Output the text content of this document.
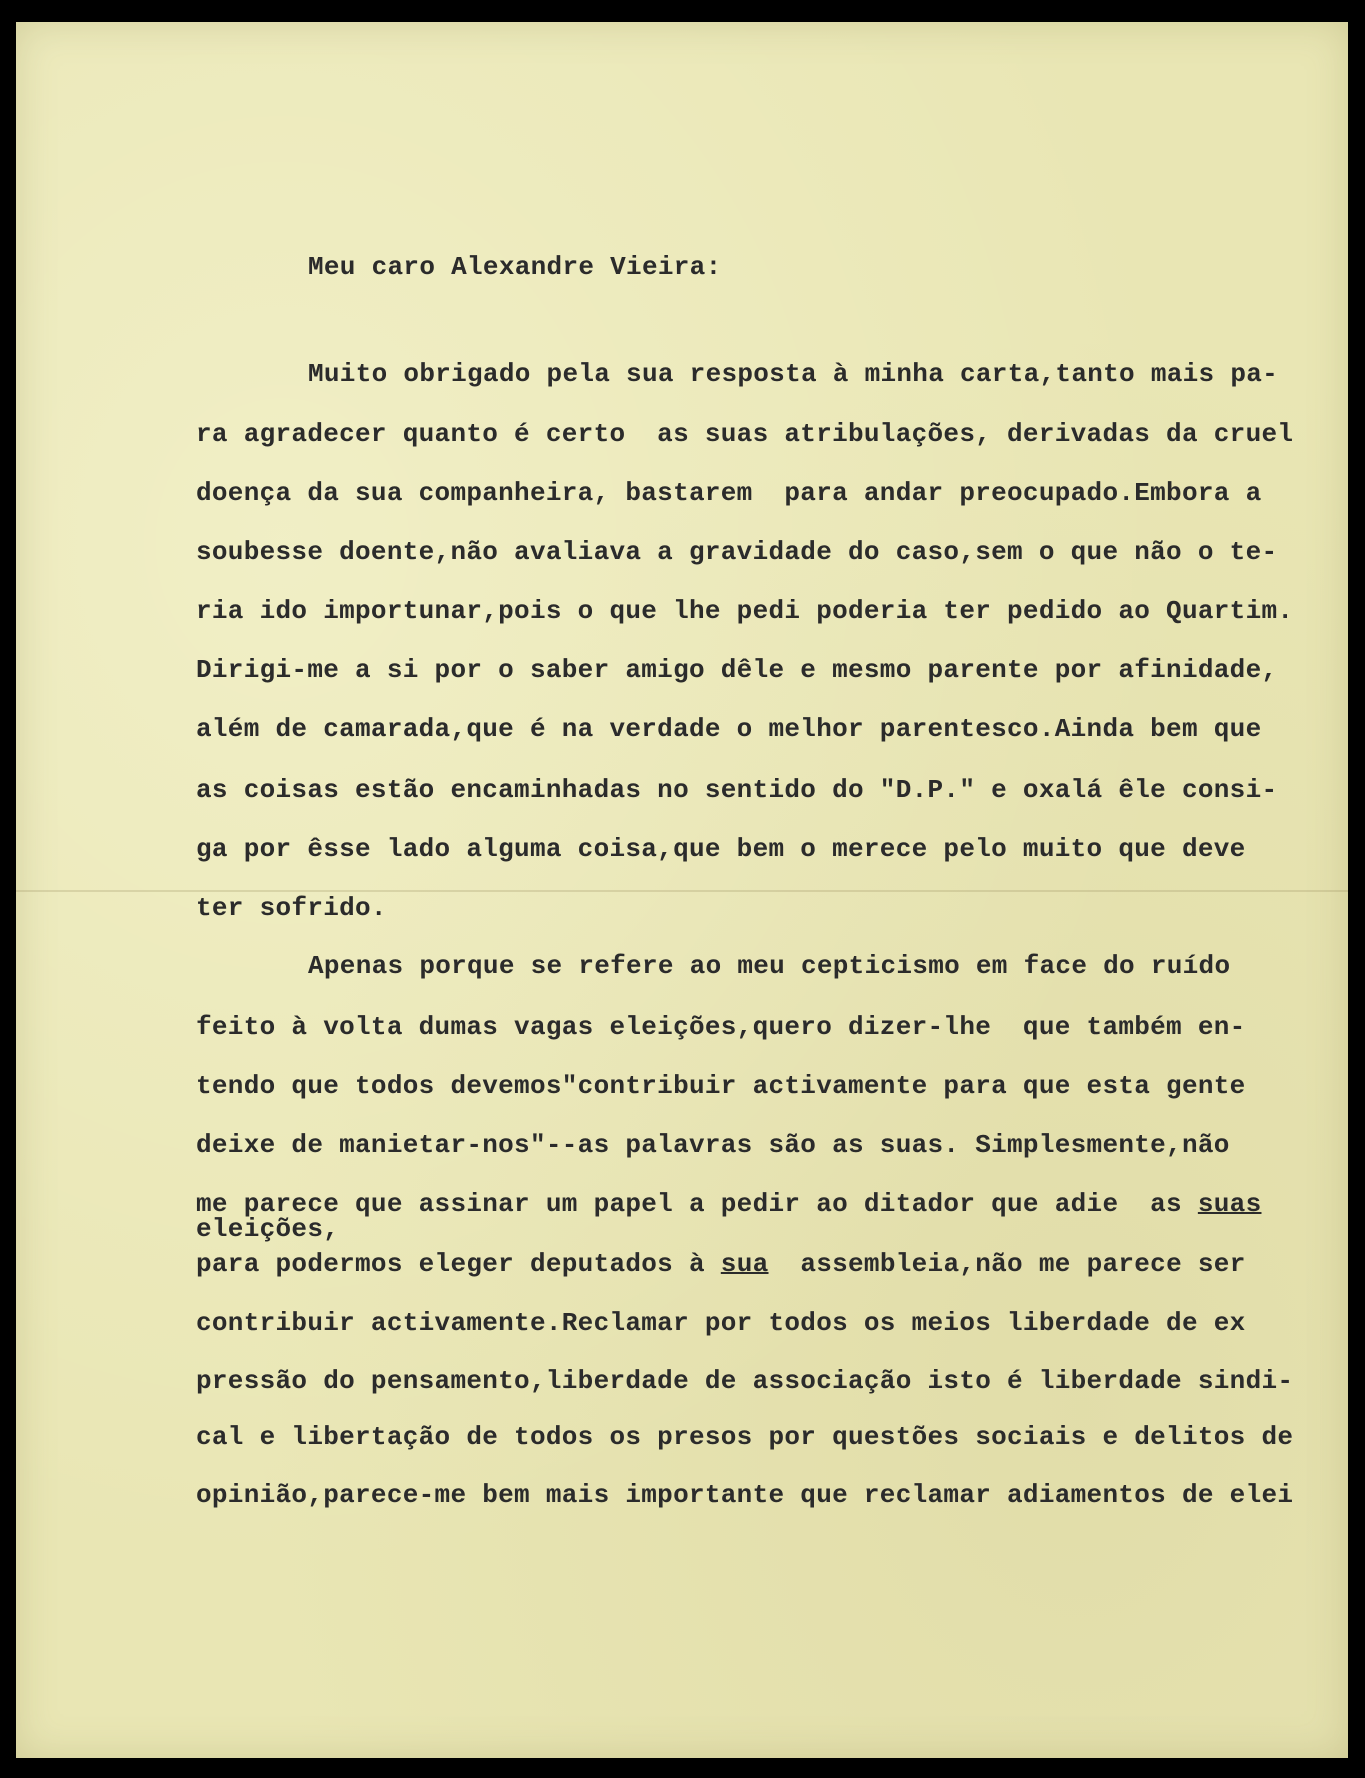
Meu caro Alexandre Vieira:
Muito obrigado pela sua resposta à minha carta,tanto mais pa-
ra agradecer quanto é certo  as suas atribulações, derivadas da cruel
doença da sua companheira, bastarem  para andar preocupado.Embora a
soubesse doente,não avaliava a gravidade do caso,sem o que não o te-
ria ido importunar,pois o que lhe pedi poderia ter pedido ao Quartim.
Dirigi-me a si por o saber amigo dêle e mesmo parente por afinidade,
além de camarada,que é na verdade o melhor parentesco.Ainda bem que
as coisas estão encaminhadas no sentido do "D.P." e oxalá êle consi-
ga por êsse lado alguma coisa,que bem o merece pelo muito que deve
ter sofrido.
Apenas porque se refere ao meu cepticismo em face do ruído
feito à volta dumas vagas eleições,quero dizer-lhe  que também en-
tendo que todos devemos"contribuir activamente para que esta gente
deixe de manietar-nos"--as palavras são as suas. Simplesmente,não
me parece que assinar um papel a pedir ao ditador que adie  as suas
eleições,
para podermos eleger deputados à sua  assembleia,não me parece ser
contribuir activamente.Reclamar por todos os meios liberdade de ex
pressão do pensamento,liberdade de associação isto é liberdade sindi-
cal e libertação de todos os presos por questões sociais e delitos de
opinião,parece-me bem mais importante que reclamar adiamentos de elei
